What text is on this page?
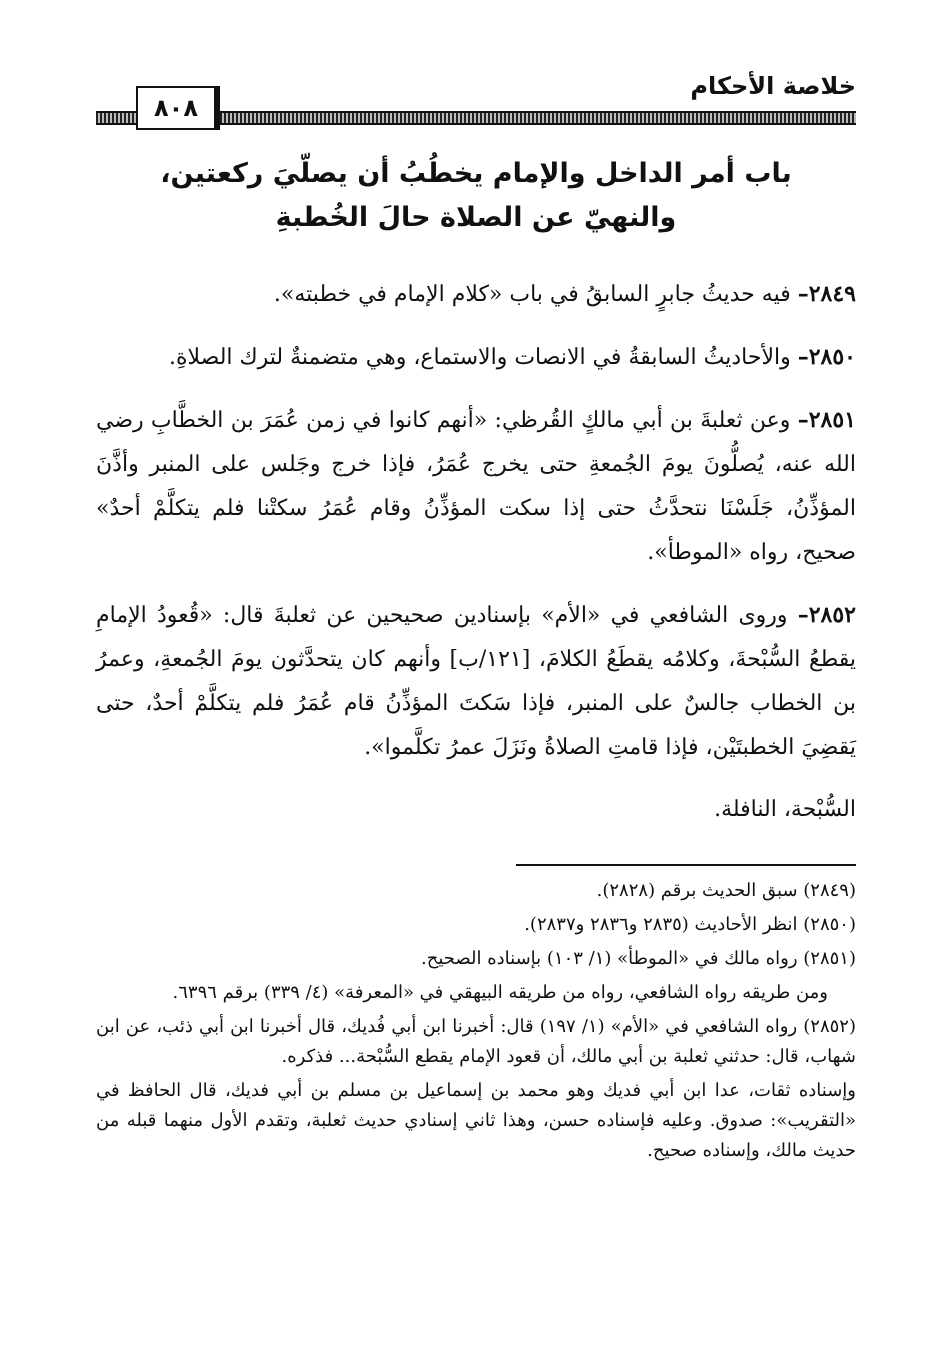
خلاصة الأحكام
٨٠٨
باب أمر الداخل والإمام يخطُبُ أن يصلّيَ ركعتين،
والنهيّ عن الصلاة حالَ الخُطبةِ

٢٨٤٩– فيه حديثُ جابرٍ السابقُ في باب «كلام الإمام في خطبته».

٢٨٥٠– والأحاديثُ السابقةُ في الانصات والاستماع، وهي متضمنةٌ لترك الصلاةِ.

٢٨٥١– وعن ثعلبةَ بن أبي مالكٍ القُرظي: «أنهم كانوا في زمن عُمَرَ بن الخطَّابِ رضي الله عنه، يُصلُّونَ يومَ الجُمعةِ حتى يخرج عُمَرُ، فإذا خرج وجَلس على المنبر وأذَّنَ المؤذِّنُ، جَلَسْنَا نتحدَّثُ حتى إذا سكت المؤذِّنُ وقام عُمَرُ سكتْنا فلم يتكلَّمْ أحدٌ» صحيح، رواه «الموطأ».

٢٨٥٢– وروى الشافعي في «الأم» بإسنادين صحيحين عن ثعلبةَ قال: «قُعودُ الإمامِ يقطعُ السُّبْحةَ، وكلامُه يقطَعُ الكلامَ، [١٢١/ب] وأنهم كان يتحدَّثون يومَ الجُمعةِ، وعمرُ بن الخطاب جالسٌ على المنبر، فإذا سَكتَ المؤذِّنُ قام عُمَرُ فلم يتكلَّمْ أحدٌ، حتى يَقضِيَ الخطبتَيْن، فإذا قامتِ الصلاةُ ونَزَلَ عمرُ تكلَّموا».

السُّبْحة، النافلة.

(٢٨٤٩) سبق الحديث برقم (٢٨٢٨).

(٢٨٥٠) انظر الأحاديث (٢٨٣٥ و٢٨٣٦ و٢٨٣٧).

(٢٨٥١) رواه مالك في «الموطأ» (١/ ١٠٣) بإسناده الصحيح.

ومن طريقه رواه الشافعي، رواه من طريقه البيهقي في «المعرفة» (٤/ ٣٣٩) برقم ٦٣٩٦.

(٢٨٥٢) رواه الشافعي في «الأم» (١/ ١٩٧) قال: أخبرنا ابن أبي فُديك، قال أخبرنا ابن أبي ذئب، عن ابن شهاب، قال: حدثني ثعلبة بن أبي مالك، أن قعود الإمام يقطع السُّبْحة... فذكره.

وإسناده ثقات، عدا ابن أبي فديك وهو محمد بن إسماعيل بن مسلم بن أبي فديك، قال الحافظ في «التقريب»: صدوق. وعليه فإسناده حسن، وهذا ثاني إسنادي حديث ثعلبة، وتقدم الأول منهما قبله من حديث مالك، وإسناده صحيح.
